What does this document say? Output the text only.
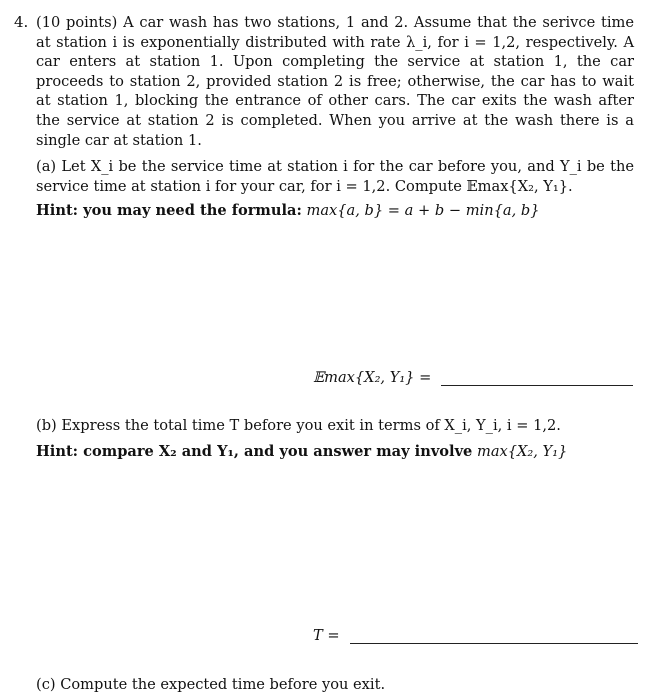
4. (10 points) A car wash has two stations, 1 and 2. Assume that the serivce time at station i is exponentially distributed with rate λ_i, for i = 1,2, respectively. A car enters at station 1. Upon completing the service at station 1, the car proceeds to station 2, provided station 2 is free; otherwise, the car has to wait at station 1, blocking the entrance of other cars. The car exits the wash after the service at station 2 is completed. When you arrive at the wash there is a single car at station 1.

(a) Let X_i be the service time at station i for the car before you, and Y_i be the service time at station i for your car, for i = 1,2. Compute 𝔼max{X₂, Y₁}.

Hint: you may need the formula: max{a, b} = a + b − min{a, b}

𝔼max{X₂, Y₁} =
(b) Express the total time T before you exit in terms of X_i, Y_i, i = 1,2.
Hint: compare X₂ and Y₁, and you answer may involve max{X₂, Y₁}
T =
(c) Compute the expected time before you exit.
